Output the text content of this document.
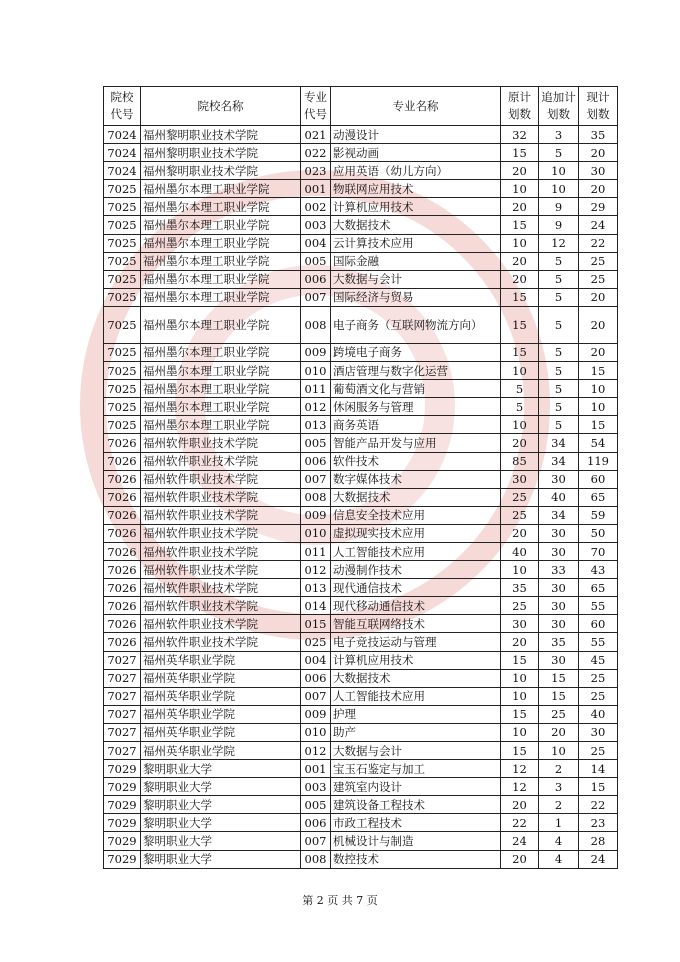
院校代号	院校名称	专业代号	专业名称	原计划数	追加计划数	现计划数
7024	福州黎明职业技术学院	021	动漫设计	32	3	35
7024	福州黎明职业技术学院	022	影视动画	15	5	20
7024	福州黎明职业技术学院	023	应用英语（幼儿方向）	20	10	30
7025	福州墨尔本理工职业学院	001	物联网应用技术	10	10	20
7025	福州墨尔本理工职业学院	002	计算机应用技术	20	9	29
7025	福州墨尔本理工职业学院	003	大数据技术	15	9	24
7025	福州墨尔本理工职业学院	004	云计算技术应用	10	12	22
7025	福州墨尔本理工职业学院	005	国际金融	20	5	25
7025	福州墨尔本理工职业学院	006	大数据与会计	20	5	25
7025	福州墨尔本理工职业学院	007	国际经济与贸易	15	5	20
7025	福州墨尔本理工职业学院	008	电子商务（互联网物流方向）	15	5	20
7025	福州墨尔本理工职业学院	009	跨境电子商务	15	5	20
7025	福州墨尔本理工职业学院	010	酒店管理与数字化运营	10	5	15
7025	福州墨尔本理工职业学院	011	葡萄酒文化与营销	5	5	10
7025	福州墨尔本理工职业学院	012	休闲服务与管理	5	5	10
7025	福州墨尔本理工职业学院	013	商务英语	10	5	15
7026	福州软件职业技术学院	005	智能产品开发与应用	20	34	54
7026	福州软件职业技术学院	006	软件技术	85	34	119
7026	福州软件职业技术学院	007	数字媒体技术	30	30	60
7026	福州软件职业技术学院	008	大数据技术	25	40	65
7026	福州软件职业技术学院	009	信息安全技术应用	25	34	59
7026	福州软件职业技术学院	010	虚拟现实技术应用	20	30	50
7026	福州软件职业技术学院	011	人工智能技术应用	40	30	70
7026	福州软件职业技术学院	012	动漫制作技术	10	33	43
7026	福州软件职业技术学院	013	现代通信技术	35	30	65
7026	福州软件职业技术学院	014	现代移动通信技术	25	30	55
7026	福州软件职业技术学院	015	智能互联网络技术	30	30	60
7026	福州软件职业技术学院	025	电子竞技运动与管理	20	35	55
7027	福州英华职业学院	004	计算机应用技术	15	30	45
7027	福州英华职业学院	006	大数据技术	10	15	25
7027	福州英华职业学院	007	人工智能技术应用	10	15	25
7027	福州英华职业学院	009	护理	15	25	40
7027	福州英华职业学院	010	助产	10	20	30
7027	福州英华职业学院	012	大数据与会计	15	10	25
7029	黎明职业大学	001	宝玉石鉴定与加工	12	2	14
7029	黎明职业大学	003	建筑室内设计	12	3	15
7029	黎明职业大学	005	建筑设备工程技术	20	2	22
7029	黎明职业大学	006	市政工程技术	22	1	23
7029	黎明职业大学	007	机械设计与制造	24	4	28
7029	黎明职业大学	008	数控技术	20	4	24
第 2 页 共 7 页
